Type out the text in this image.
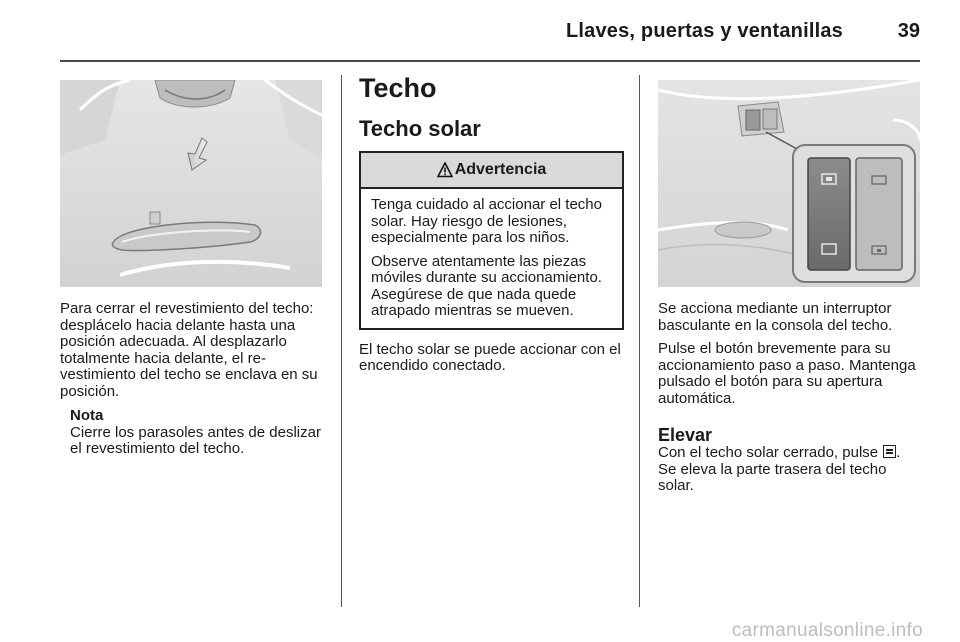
Llaves, puertas y ventanillas	39

Para cerrar el revestimiento del techo: desplácelo hacia delante hasta una posición adecuada. Al desplazarlo totalmente hacia delante, el revestimiento del techo se enclava en su posición.

Nota

Cierre los parasoles antes de deslizar el revestimiento del techo.

Techo
Techo solar
Advertencia

Tenga cuidado al accionar el techo solar. Hay riesgo de lesiones, especialmente para los niños.

Observe atentamente las piezas móviles durante su accionamiento. Asegúrese de que nada quede atrapado mientras se mueven.

El techo solar se puede accionar con el encendido conectado.

Se acciona mediante un interruptor basculante en la consola del techo.

Pulse el botón brevemente para su accionamiento paso a paso. Mantenga pulsado el botón para su apertura automática.

Elevar

Con el techo solar cerrado, pulse .
Se eleva la parte trasera del techo solar.

carmanualsonline.info
